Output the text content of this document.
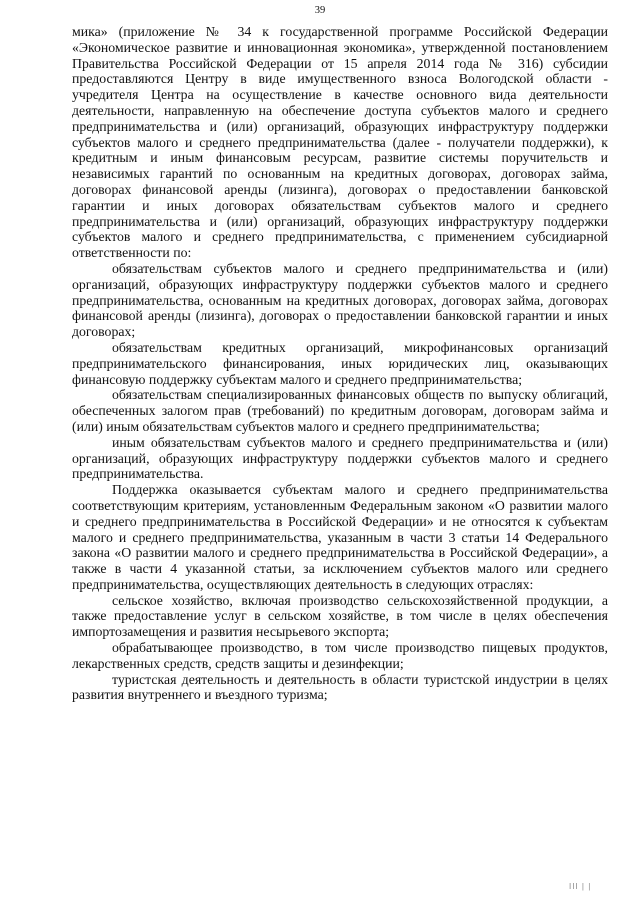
39

мика» (приложение № 34 к государственной программе Российской Федерации «Экономическое развитие и инновационная экономика», утвержденной постановлением Правительства Российской Федерации от 15 апреля 2014 года № 316) субсидии предоставляются Центру в виде имущественного взноса Вологодской области - учредителя Центра на осуществление в качестве основного вида деятельности деятельности, направленную на обеспечение доступа субъектов малого и среднего предпринимательства и (или) организаций, образующих инфраструктуру поддержки субъектов малого и среднего предпринимательства (далее - получатели поддержки), к кредитным и иным финансовым ресурсам, развитие системы поручительств и независимых гарантий по основанным на кредитных договорах, договорах займа, договорах финансовой аренды (лизинга), договорах о предоставлении банковской гарантии и иных договорах обязательствам субъектов малого и среднего предпринимательства и (или) организаций, образующих инфраструктуру поддержки субъектов малого и среднего предпринимательства, с применением субсидиарной ответственности по:

обязательствам субъектов малого и среднего предпринимательства и (или) организаций, образующих инфраструктуру поддержки субъектов малого и среднего предпринимательства, основанным на кредитных договорах, договорах займа, договорах финансовой аренды (лизинга), договорах о предоставлении банковской гарантии и иных договорах;

обязательствам кредитных организаций, микрофинансовых организаций предпринимательского финансирования, иных юридических лиц, оказывающих финансовую поддержку субъектам малого и среднего предпринимательства;

обязательствам специализированных финансовых обществ по выпуску облигаций, обеспеченных залогом прав (требований) по кредитным договорам, договорам займа и (или) иным обязательствам субъектов малого и среднего предпринимательства;

иным обязательствам субъектов малого и среднего предпринимательства и (или) организаций, образующих инфраструктуру поддержки субъектов малого и среднего предпринимательства.

Поддержка оказывается субъектам малого и среднего предпринимательства соответствующим критериям, установленным Федеральным законом «О развитии малого и среднего предпринимательства в Российской Федерации» и не относятся к субъектам малого и среднего предпринимательства, указанным в части 3 статьи 14 Федерального закона «О развитии малого и среднего предпринимательства в Российской Федерации», а также в части 4 указанной статьи, за исключением субъектов малого или среднего предпринимательства, осуществляющих деятельность в следующих отраслях:

сельское хозяйство, включая производство сельскохозяйственной продукции, а также предоставление услуг в сельском хозяйстве, в том числе в целях обеспечения импортозамещения и развития несырьевого экспорта;

обрабатывающее производство, в том числе производство пищевых продуктов, лекарственных средств, средств защиты и дезинфекции;

туристская деятельность и деятельность в области туристской индустрии в целях развития внутреннего и въездного туризма;

III | |
